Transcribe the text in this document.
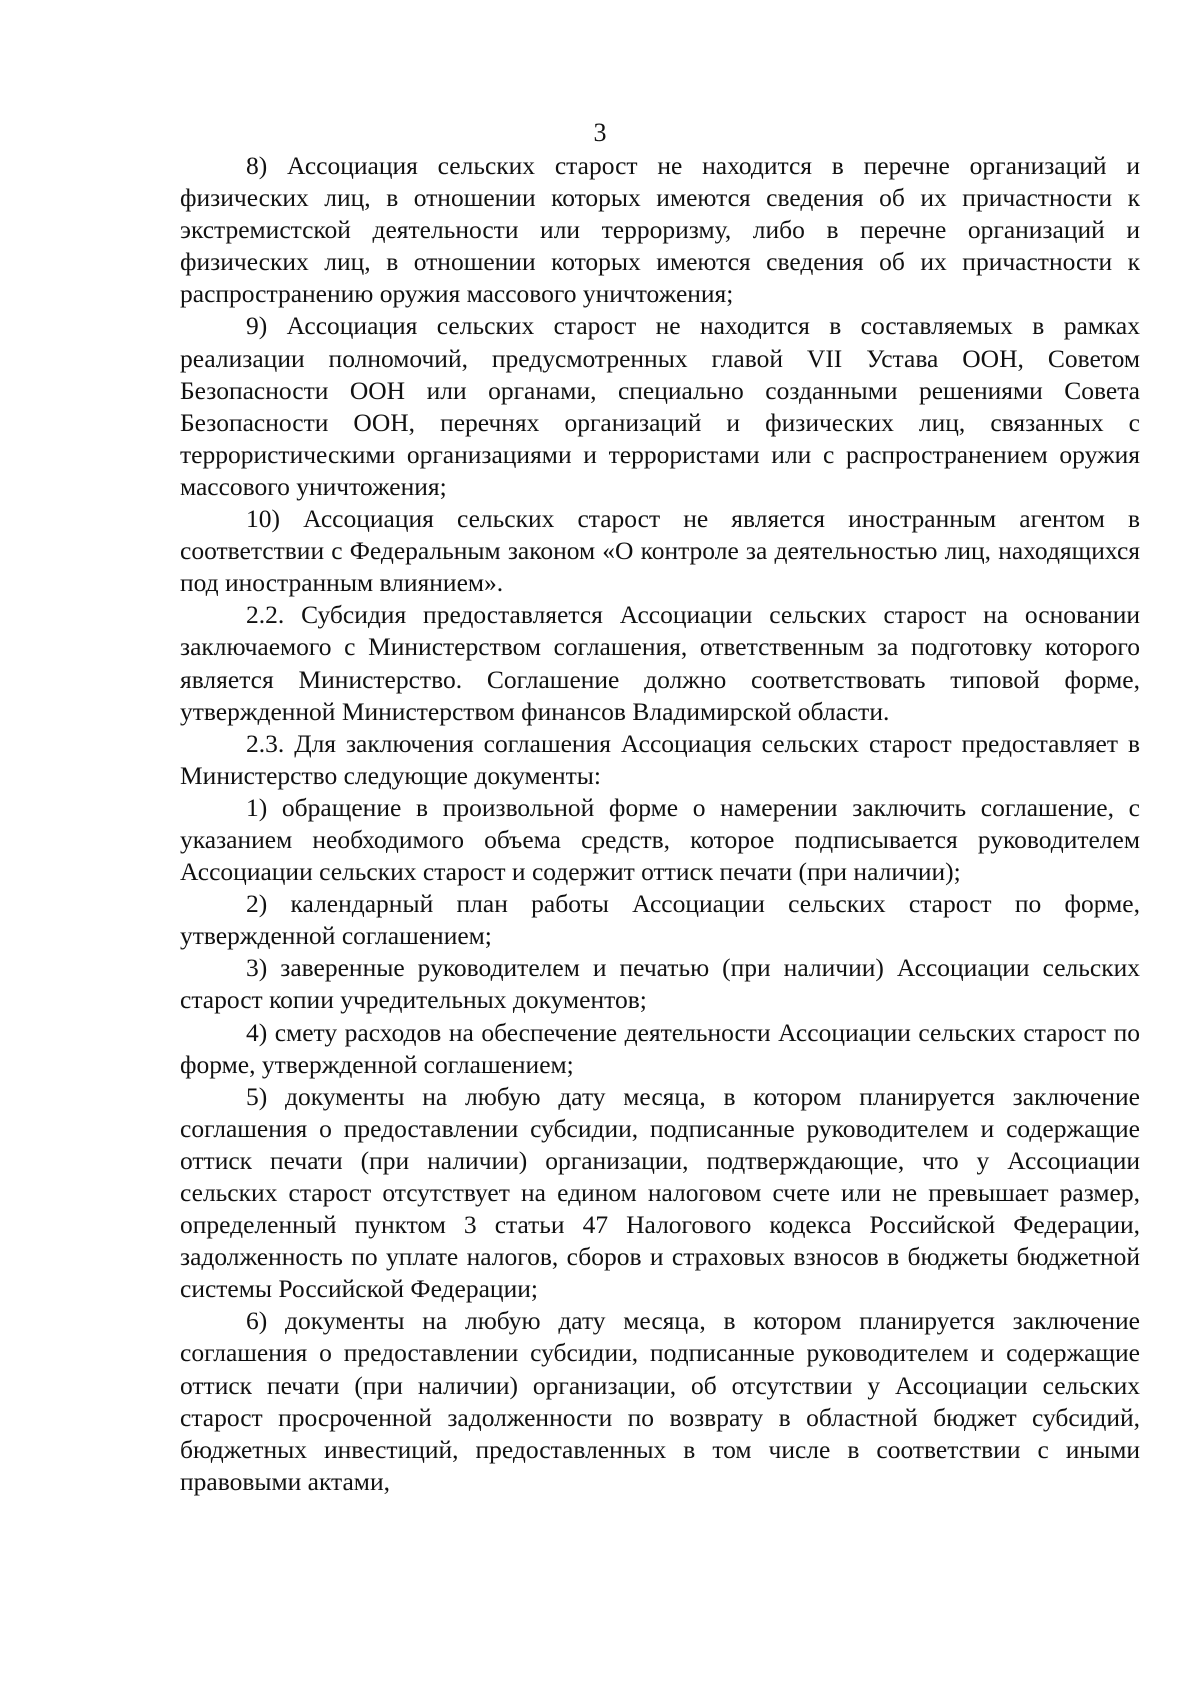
3

8) Ассоциация сельских старост не находится в перечне организаций и физических лиц, в отношении которых имеются сведения об их причастности к экстремистской деятельности или терроризму, либо в перечне организаций и физических лиц, в отношении которых имеются сведения об их причастности к распространению оружия массового уничтожения;

9) Ассоциация сельских старост не находится в составляемых в рамках реализации полномочий, предусмотренных главой VII Устава ООН, Советом Безопасности ООН или органами, специально созданными решениями Совета Безопасности ООН, перечнях организаций и физических лиц, связанных с террористическими организациями и террористами или с распространением оружия массового уничтожения;

10) Ассоциация сельских старост не является иностранным агентом в соответствии с Федеральным законом «О контроле за деятельностью лиц, находящихся под иностранным влиянием».

2.2. Субсидия предоставляется Ассоциации сельских старост на основании заключаемого с Министерством соглашения, ответственным за подготовку которого является Министерство. Соглашение должно соответствовать типовой форме, утвержденной Министерством финансов Владимирской области.

2.3. Для заключения соглашения Ассоциация сельских старост предоставляет в Министерство следующие документы:

1) обращение в произвольной форме о намерении заключить соглашение, с указанием необходимого объема средств, которое подписывается руководителем Ассоциации сельских старост и содержит оттиск печати (при наличии);

2) календарный план работы Ассоциации сельских старост по форме, утвержденной соглашением;

3) заверенные руководителем и печатью (при наличии) Ассоциации сельских старост копии учредительных документов;

4) смету расходов на обеспечение деятельности Ассоциации сельских старост по форме, утвержденной соглашением;

5) документы на любую дату месяца, в котором планируется заключение соглашения о предоставлении субсидии, подписанные руководителем и содержащие оттиск печати (при наличии) организации, подтверждающие, что у Ассоциации сельских старост отсутствует на едином налоговом счете или не превышает размер, определенный пунктом 3 статьи 47 Налогового кодекса Российской Федерации, задолженность по уплате налогов, сборов и страховых взносов в бюджеты бюджетной системы Российской Федерации;

6) документы на любую дату месяца, в котором планируется заключение соглашения о предоставлении субсидии, подписанные руководителем и содержащие оттиск печати (при наличии) организации, об отсутствии у Ассоциации сельских старост просроченной задолженности по возврату в областной бюджет субсидий, бюджетных инвестиций, предоставленных в том числе в соответствии с иными правовыми актами,
